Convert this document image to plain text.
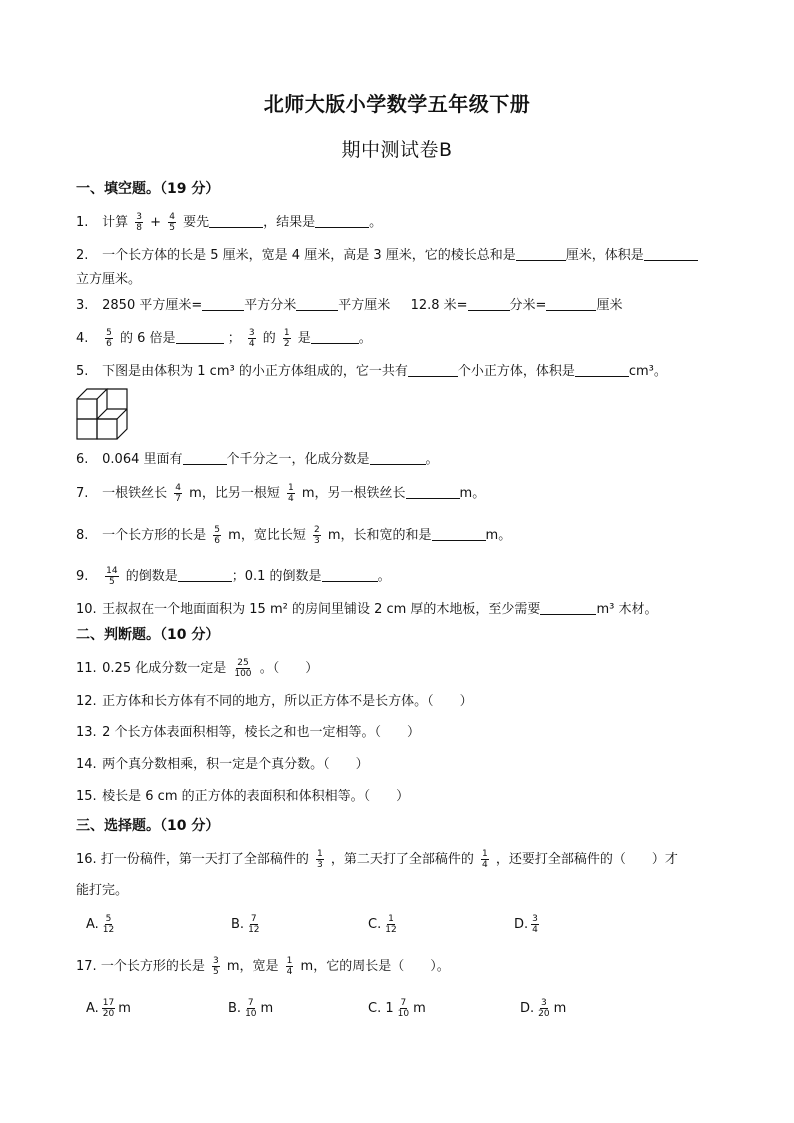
北师大版小学数学五年级下册
期中测试卷B
一、填空题。（19 分）
1. 计算 $\frac{3}{8} + \frac{4}{5}$ 要先	，结果是	。
2. 一个长方体的长是 5 厘米，宽是 4 厘米，高是 3 厘米，它的棱长总和是	厘米，体积是
立方厘米。
3. 2850 平方厘米=	平方分米	平方厘米 12.8 米=	分米=	厘米
4. $\frac{5}{6}$ 的 6 倍是	； $\frac{3}{4}$ 的 $\frac{1}{2}$ 是	。
5. 下图是由体积为 1 cm³ 的小正方体组成的，它一共有	个小正方体，体积是	cm³。
6. 0.064 里面有	个千分之一，化成分数是	。
7. 一根铁丝长 $\frac{4}{7}$ m，比另一根短 $\frac{1}{4}$ m，另一根铁丝长	m。
8. 一个长方形的长是 $\frac{5}{6}$ m，宽比长短 $\frac{2}{3}$ m，长和宽的和是	m。
9. $\frac{14}{5}$ 的倒数是	；0.1 的倒数是	。
10. 王叔叔在一个地面面积为 15 m² 的房间里铺设 2 cm 厚的木地板，至少需要	m³ 木材。
二、判断题。（10 分）
11. 0.25 化成分数一定是 $\frac{25}{100}$ 。（　　）
12. 正方体和长方体有不同的地方，所以正方体不是长方体。（　　）
13. 2 个长方体表面积相等，棱长之和也一定相等。（　　）
14. 两个真分数相乘，积一定是个真分数。（　　）
15. 棱长是 6 cm 的正方体的表面积和体积相等。（　　）
三、选择题。（10 分）
16. 打一份稿件，第一天打了全部稿件的 $\frac{1}{3}$ ，第二天打了全部稿件的 $\frac{1}{4}$ ，还要打全部稿件的（　　）才
能打完。
A. $\frac{5}{12}$	B. $\frac{7}{12}$	C. $\frac{1}{12}$	D. $\frac{3}{4}$
17. 一个长方形的长是 $\frac{3}{5}$ m，宽是 $\frac{1}{4}$ m，它的周长是（　　）。
A. $\frac{17}{20}$ m	B. $\frac{7}{10}$ m	C. $1 \frac{7}{10}$ m	D. $\frac{3}{20}$ m
